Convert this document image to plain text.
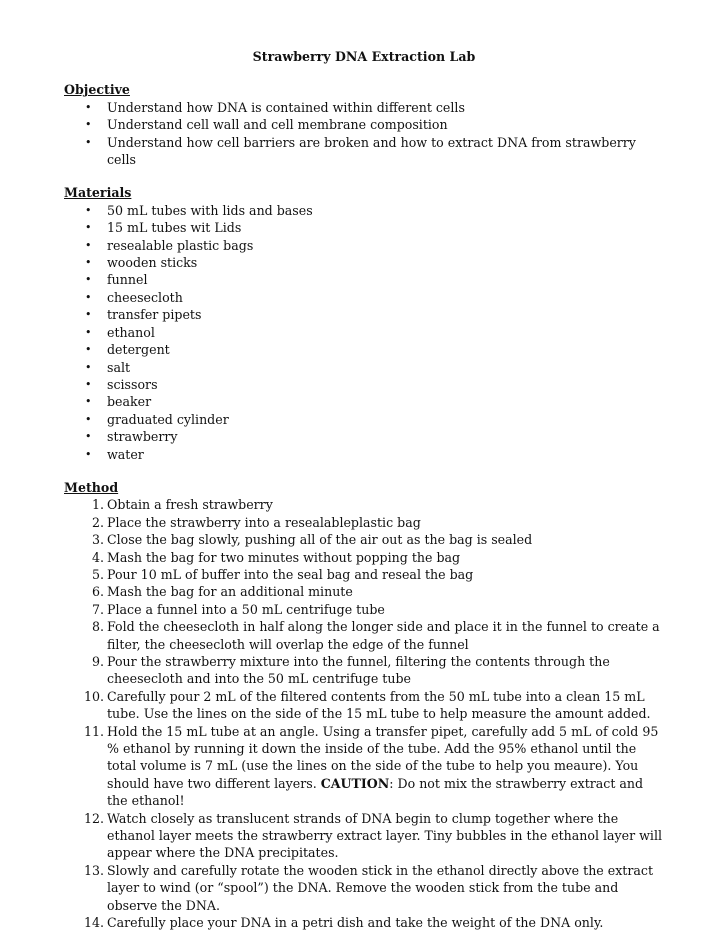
Strawberry DNA Extraction Lab
Objective
• Understand how DNA is contained within different cells
• Understand cell wall and cell membrane composition
• Understand how cell barriers are broken and how to extract DNA from strawberry cells
Materials
• 50 mL tubes with lids and bases
• 15 mL tubes wit Lids
• resealable plastic bags
• wooden sticks
• funnel
• cheesecloth
• transfer pipets
• ethanol
• detergent
• salt
• scissors
• beaker
• graduated cylinder
• strawberry
• water
Method
1. Obtain a fresh strawberry
2. Place the strawberry into a resealableplastic bag
3. Close the bag slowly, pushing all of the air out as the bag is sealed
4. Mash the bag for two minutes without popping the bag
5. Pour 10 mL of buffer into the seal bag and reseal the bag
6. Mash the bag for an additional minute
7. Place a funnel into a 50 mL centrifuge tube
8. Fold the cheesecloth in half along the longer side and place it in the funnel to create a filter, the cheesecloth will overlap the edge of the funnel
9. Pour the strawberry mixture into the funnel, filtering the contents through the cheesecloth and into the 50 mL centrifuge tube
10. Carefully pour 2 mL of the filtered contents from the 50 mL tube into a clean 15 mL tube. Use the lines on the side of the 15 mL tube to help measure the amount added.
11. Hold the 15 mL tube at an angle. Using a transfer pipet, carefully add 5 mL of cold 95 % ethanol by running it down the inside of the tube. Add the 95% ethanol until the total volume is 7 mL (use the lines on the side of the tube to help you meaure). You should have two different layers. CAUTION: Do not mix the strawberry extract and the ethanol!
12. Watch closely as translucent strands of DNA begin to clump together where the ethanol layer meets the strawberry extract layer. Tiny bubbles in the ethanol layer will appear where the DNA precipitates.
13. Slowly and carefully rotate the wooden stick in the ethanol directly above the extract layer to wind (or “spool”) the DNA. Remove the wooden stick from the tube and observe the DNA.
14. Carefully place your DNA in a petri dish and take the weight of the DNA only.
